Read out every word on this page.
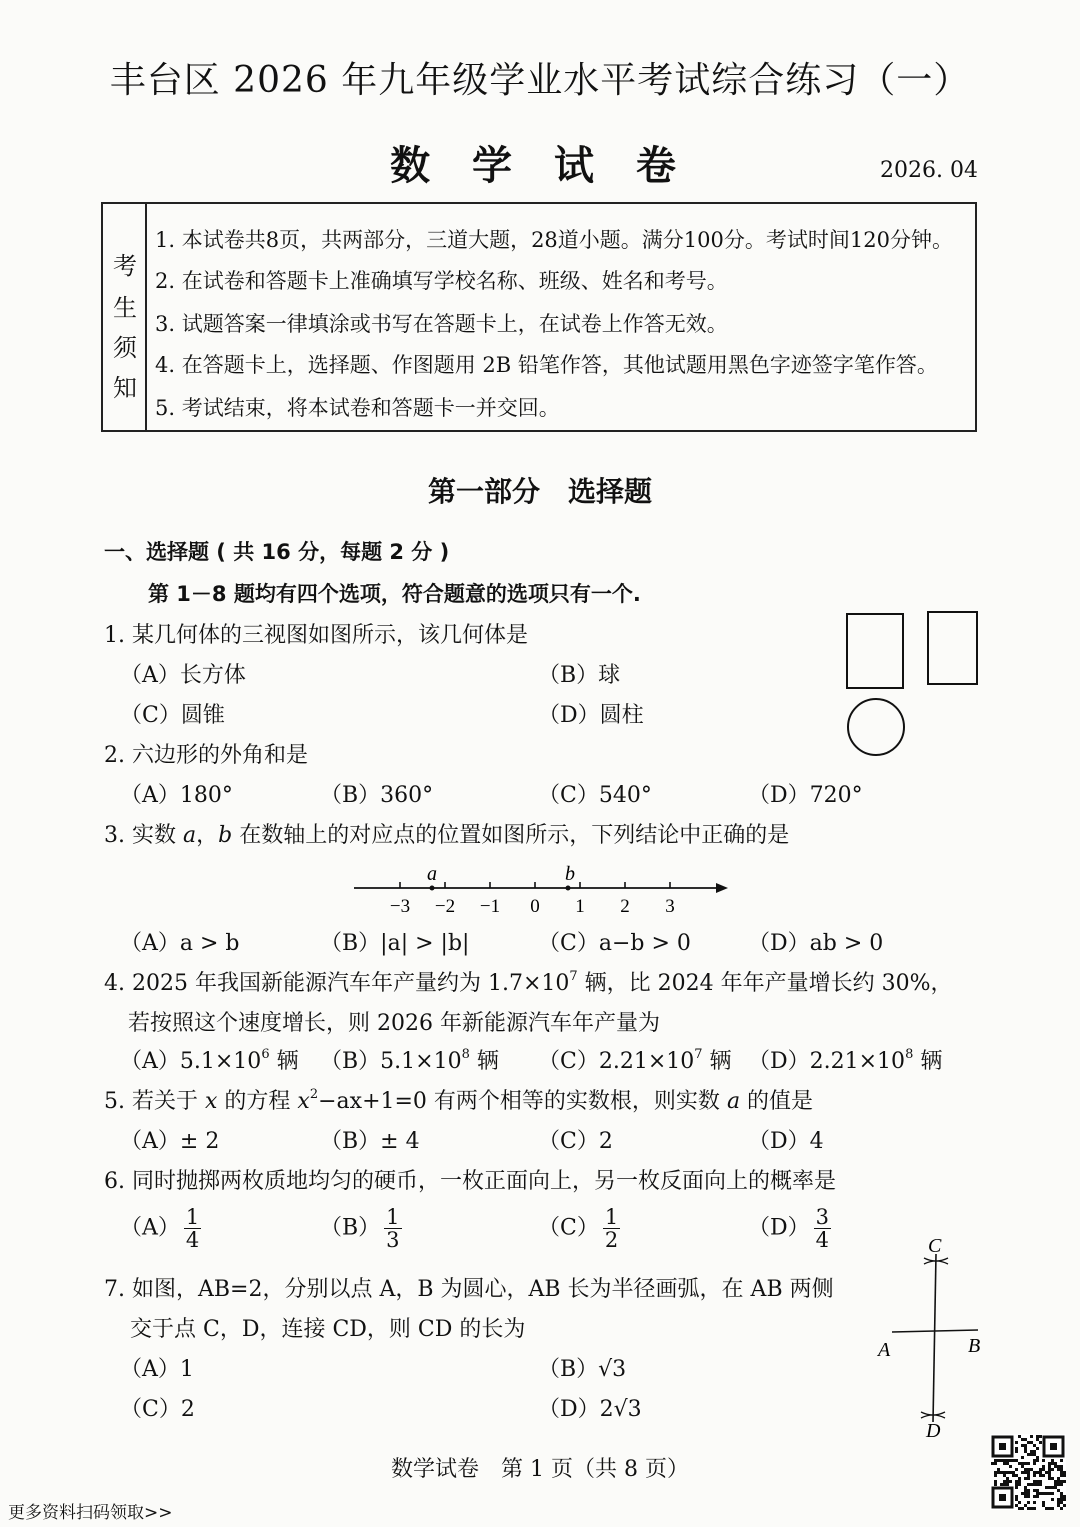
丰台区 2026 年九年级学业水平考试综合练习（一）
数 学 试 卷	2026. 04
考
生
须
知
1. 本试卷共8页，共两部分，三道大题，28道小题。满分100分。考试时间120分钟。
2. 在试卷和答题卡上准确填写学校名称、班级、姓名和考号。
3. 试题答案一律填涂或书写在答题卡上，在试卷上作答无效。
4. 在答题卡上，选择题、作图题用 2B 铅笔作答，其他试题用黑色字迹签字笔作答。
5. 考试结束，将本试卷和答题卡一并交回。
第一部分　选择题
一、选择题 ( 共 16 分，每题 2 分 )
第 1－8 题均有四个选项，符合题意的选项只有一个.
1. 某几何体的三视图如图所示，该几何体是
（A）长方体	（B）球
（C）圆锥	（D）圆柱
2. 六边形的外角和是
（A）180°	（B）360°	（C）540°	（D）720°
3. 实数 a，b 在数轴上的对应点的位置如图所示，下列结论中正确的是
−3 −2 −1 0 1 2 3
a	b
（A）a > b	（B）|a| > |b|	（C）a−b > 0	（D）ab > 0
4. 2025 年我国新能源汽车年产量约为 $1.7\times 10^7$ 辆，比 2024 年年产量增长约 30%，
若按照这个速度增长，则 2026 年新能源汽车年产量为
$(A)5.1\times 10^6$ 辆 $(B)5.1\times 10^8$ 辆 $(C)2.21\times 10^7$ 辆 $(D)2.21\times 10^8$ 辆
5. 若关于 x 的方程 $x^2-ax+1=0$ 有两个相等的实数根，则实数 a 的值是
（A）± 2	（B）± 4	（C）2	（D）4
6. 同时抛掷两枚质地均匀的硬币，一枚正面向上，另一枚反面向上的概率是
$(A) \frac{1}{4}$	$(B) \frac{1}{3}$	$(C) \frac{1}{2}$	$(D) \frac{3}{4}$
7. 如图，AB=2，分别以点 A，B 为圆心，AB 长为半径画弧，在 AB 两侧
交于点 C，D，连接 CD，则 CD 的长为
（A）1	（B）√3
（C）2	（D）2√3
C
D
A	B
数学试卷　第 1 页（共 8 页）
更多资料扫码领取>>
